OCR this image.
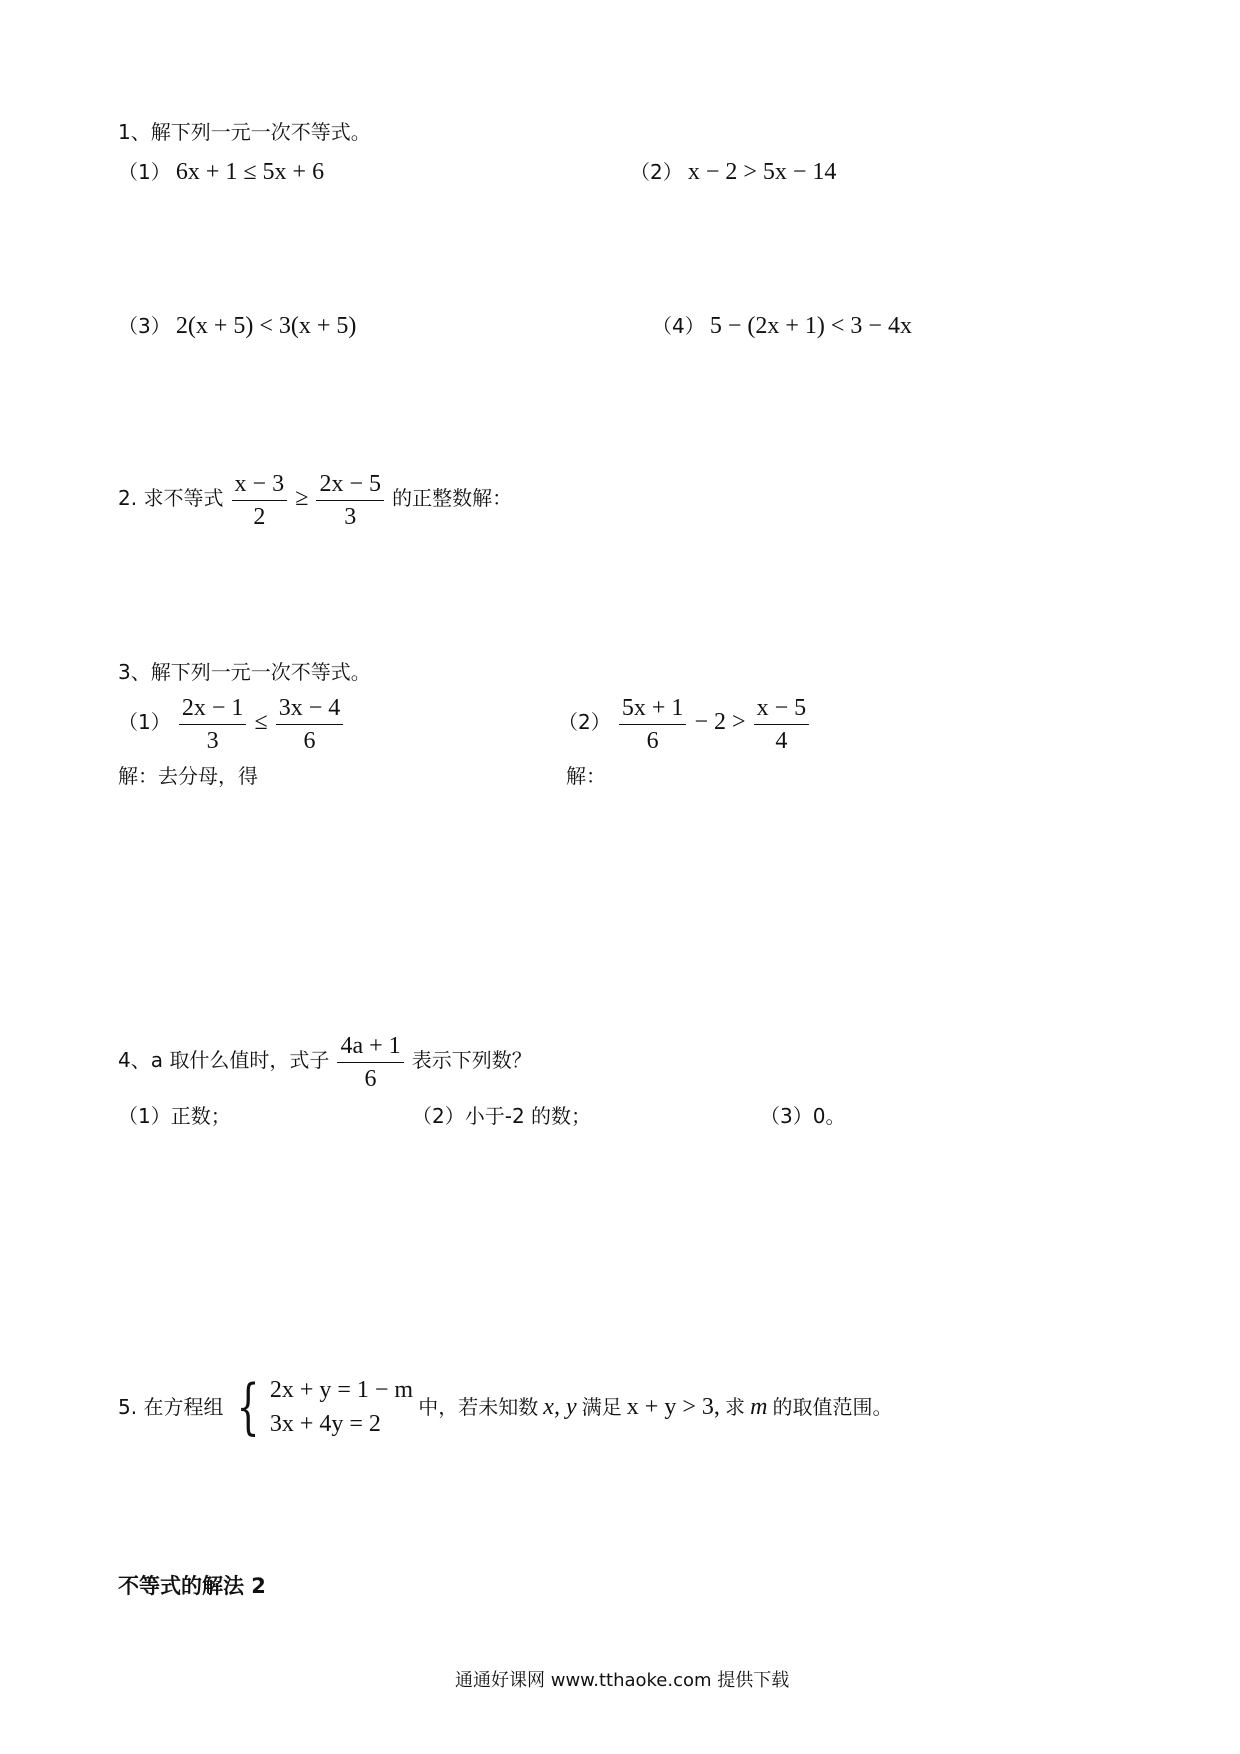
1、解下列一元一次不等式。
（1） 6x + 1 ≤ 5x + 6	（2） x − 2 > 5x − 14
（3） 2(x + 5) < 3(x + 5)	（4） 5 − (2x + 1) < 3 − 4x
2. 求不等式 $\frac{x - 3}{2} \ge \frac{2x - 5}{3}$ 的正整数解：
3、解下列一元一次不等式。
$(1) \frac{2x - 1}{3} \le \frac{3x - 4}{6}$	$(2) \frac{5x + 1}{6} - 2 > \frac{x - 5}{4}$
解：去分母，得	解：
4、a 取什么值时，式子 $\frac{4a + 1}{6}$ 表示下列数？
（1）正数；	（2）小于-2 的数；	（3）0。
5. 在方程组 { 2x + y = 1 − m
3x + 4y = 2
中，若未知数 x, y 满足 x + y > 3, 求 m 的取值范围。
不等式的解法 2
通通好课网 www.tthaoke.com 提供下载
